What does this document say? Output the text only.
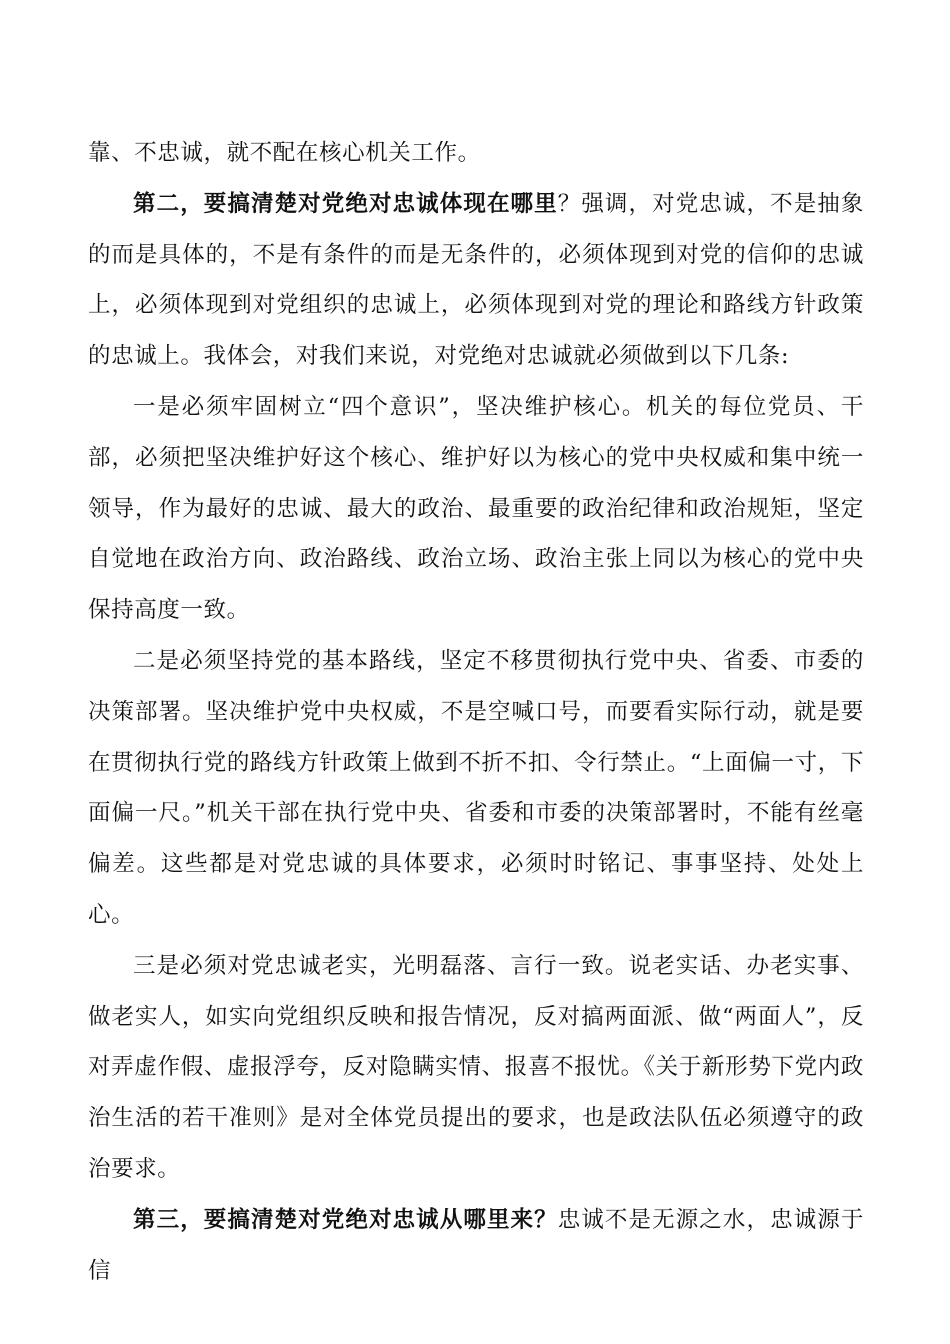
靠、不忠诚，就不配在核心机关工作。

第二，要搞清楚对党绝对忠诚体现在哪里？强调，对党忠诚，不是抽象的而是具体的，不是有条件的而是无条件的，必须体现到对党的信仰的忠诚上，必须体现到对党组织的忠诚上，必须体现到对党的理论和路线方针政策的忠诚上。我体会，对我们来说，对党绝对忠诚就必须做到以下几条:

一是必须牢固树立“四个意识”，坚决维护核心。机关的每位党员、干部，必须把坚决维护好这个核心、维护好以为核心的党中央权威和集中统一领导，作为最好的忠诚、最大的政治、最重要的政治纪律和政治规矩，坚定自觉地在政治方向、政治路线、政治立场、政治主张上同以为核心的党中央保持高度一致。

二是必须坚持党的基本路线，坚定不移贯彻执行党中央、省委、市委的决策部署。坚决维护党中央权威，不是空喊口号，而要看实际行动，就是要在贯彻执行党的路线方针政策上做到不折不扣、令行禁止。“上面偏一寸，下面偏一尺。”机关干部在执行党中央、省委和市委的决策部署时，不能有丝毫偏差。这些都是对党忠诚的具体要求，必须时时铭记、事事坚持、处处上心。

三是必须对党忠诚老实，光明磊落、言行一致。说老实话、办老实事、做老实人，如实向党组织反映和报告情况，反对搞两面派、做“两面人”，反对弄虚作假、虚报浮夸，反对隐瞒实情、报喜不报忧。《关于新形势下党内政治生活的若干准则》是对全体党员提出的要求，也是政法队伍必须遵守的政治要求。

第三，要搞清楚对党绝对忠诚从哪里来？忠诚不是无源之水，忠诚源于信
